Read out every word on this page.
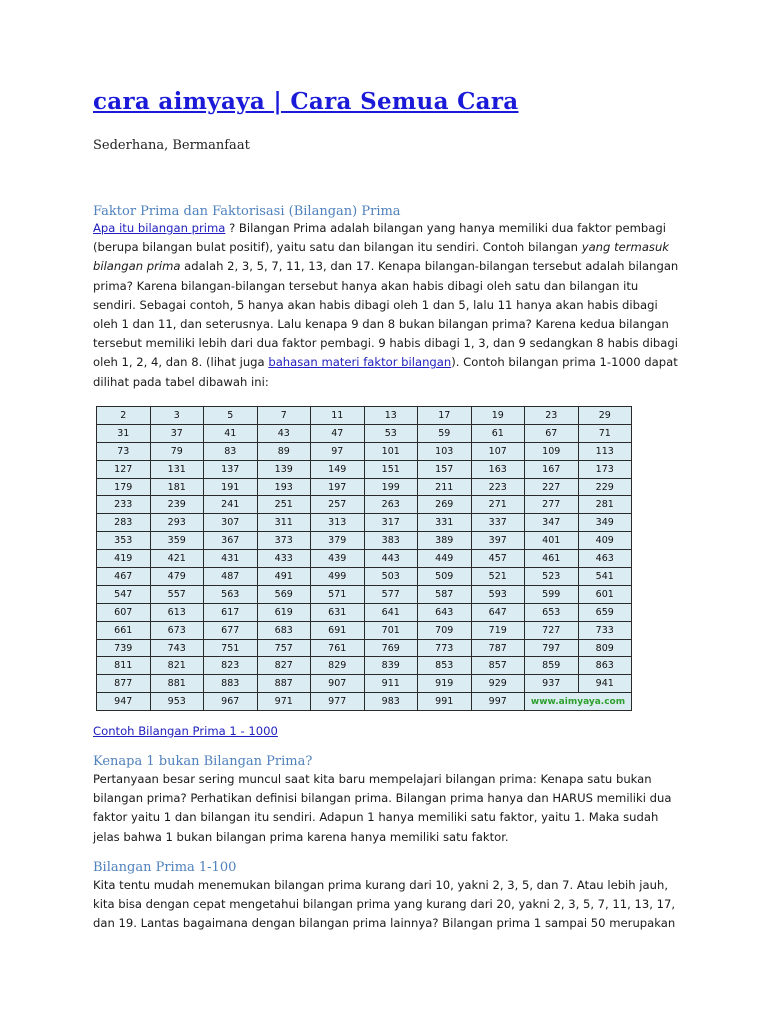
cara aimyaya | Cara Semua Cara
Sederhana, Bermanfaat
Faktor Prima dan Faktorisasi (Bilangan) Prima

Apa itu bilangan prima ? Bilangan Prima adalah bilangan yang hanya memiliki dua faktor pembagi (berupa bilangan bulat positif), yaitu satu dan bilangan itu sendiri. Contoh bilangan yang termasuk bilangan prima adalah 2, 3, 5, 7, 11, 13, dan 17. Kenapa bilangan-bilangan tersebut adalah bilangan prima? Karena bilangan-bilangan tersebut hanya akan habis dibagi oleh satu dan bilangan itu sendiri. Sebagai contoh, 5 hanya akan habis dibagi oleh 1 dan 5, lalu 11 hanya akan habis dibagi oleh 1 dan 11, dan seterusnya. Lalu kenapa 9 dan 8 bukan bilangan prima? Karena kedua bilangan tersebut memiliki lebih dari dua faktor pembagi. 9 habis dibagi 1, 3, dan 9 sedangkan 8 habis dibagi oleh 1, 2, 4, dan 8. (lihat juga bahasan materi faktor bilangan). Contoh bilangan prima 1-1000 dapat dilihat pada tabel dibawah ini:

2	3	5	7	11	13	17	19	23	29
31	37	41	43	47	53	59	61	67	71
73	79	83	89	97	101	103	107	109	113
127	131	137	139	149	151	157	163	167	173
179	181	191	193	197	199	211	223	227	229
233	239	241	251	257	263	269	271	277	281
283	293	307	311	313	317	331	337	347	349
353	359	367	373	379	383	389	397	401	409
419	421	431	433	439	443	449	457	461	463
467	479	487	491	499	503	509	521	523	541
547	557	563	569	571	577	587	593	599	601
607	613	617	619	631	641	643	647	653	659
661	673	677	683	691	701	709	719	727	733
739	743	751	757	761	769	773	787	797	809
811	821	823	827	829	839	853	857	859	863
877	881	883	887	907	911	919	929	937	941
947	953	967	971	977	983	991	997	www.aimyaya.com	
Contoh Bilangan Prima 1 - 1000
Kenapa 1 bukan Bilangan Prima?

Pertanyaan besar sering muncul saat kita baru mempelajari bilangan prima: Kenapa satu bukan bilangan prima? Perhatikan definisi bilangan prima. Bilangan prima hanya dan HARUS memiliki dua faktor yaitu 1 dan bilangan itu sendiri. Adapun 1 hanya memiliki satu faktor, yaitu 1. Maka sudah jelas bahwa 1 bukan bilangan prima karena hanya memiliki satu faktor.

Bilangan Prima 1-100

Kita tentu mudah menemukan bilangan prima kurang dari 10, yakni 2, 3, 5, dan 7. Atau lebih jauh, kita bisa dengan cepat mengetahui bilangan prima yang kurang dari 20, yakni 2, 3, 5, 7, 11, 13, 17, dan 19. Lantas bagaimana dengan bilangan prima lainnya? Bilangan prima 1 sampai 50 merupakan
